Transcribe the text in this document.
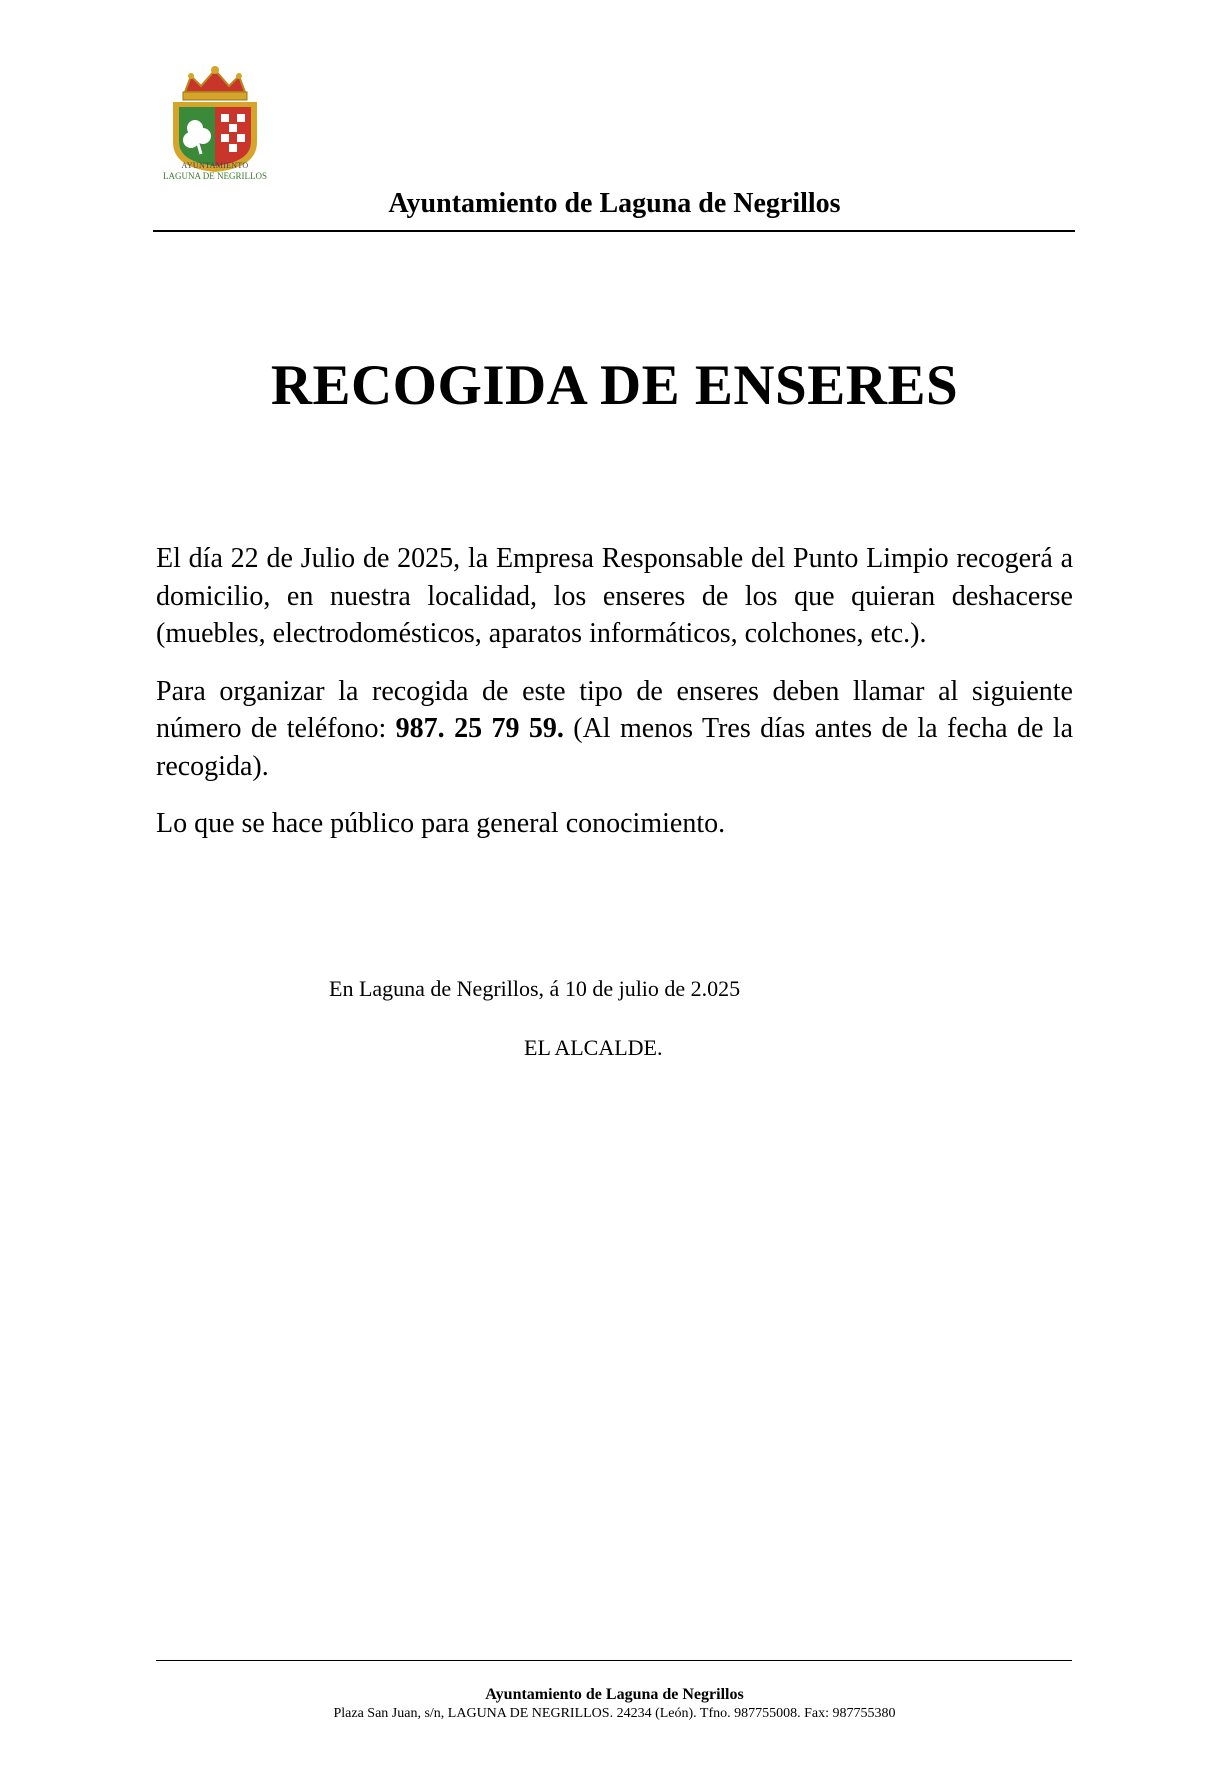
AYUNTAMIENTO
LAGUNA DE NEGRILLOS
Ayuntamiento de Laguna de Negrillos
RECOGIDA DE ENSERES

El día 22 de Julio de 2025, la Empresa Responsable del Punto Limpio recogerá a domicilio, en nuestra localidad, los enseres de los que quieran deshacerse (muebles, electrodomésticos, aparatos informáticos, colchones, etc.).

Para organizar la recogida de este tipo de enseres deben llamar al siguiente número de teléfono: 987. 25 79 59. (Al menos Tres días antes de la fecha de la recogida).

Lo que se hace público para general conocimiento.

En Laguna de Negrillos, á 10 de julio de 2.025
EL ALCALDE.
Ayuntamiento de Laguna de Negrillos
Plaza San Juan, s/n, LAGUNA DE NEGRILLOS. 24234 (León). Tfno. 987755008. Fax: 987755380
